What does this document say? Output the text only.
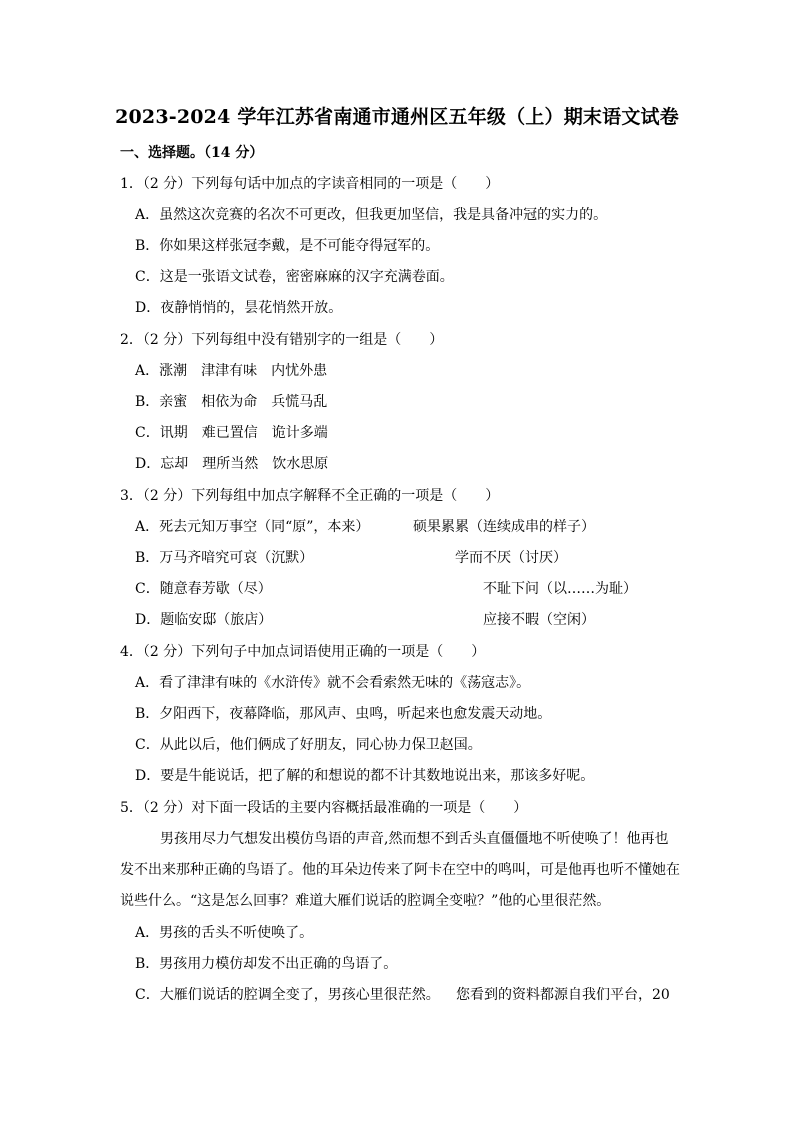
2023-2024 学年江苏省南通市通州区五年级（上）期末语文试卷
一、选择题。（14 分）
1．（2 分）下列每句话中加点的字读音相同的一项是（　　）
A．虽然这次竞赛的名次不可更改，但我更加坚信，我是具备冲冠的实力的。
B．你如果这样张冠李戴，是不可能夺得冠军的。
C．这是一张语文试卷，密密麻麻的汉字充满卷面。
D．夜静悄悄的，昙花悄然开放。
2．（2 分）下列每组中没有错别字的一组是（　　）
A．涨潮　津津有味　内忧外患
B．亲蜜　相依为命　兵慌马乱
C．讯期　难已置信　诡计多端
D．忘却　理所当然　饮水思原
3．（2 分）下列每组中加点字解释不全正确的一项是（　　）
A．死去元知万事空（同“原”，本来）	硕果累累（连续成串的样子）
B．万马齐喑究可哀（沉默）	学而不厌（讨厌）
C．随意春芳歇（尽）	不耻下问（以……为耻）
D．题临安邸（旅店）	应接不暇（空闲）
4．（2 分）下列句子中加点词语使用正确的一项是（　　）
A．看了津津有味的《水浒传》就不会看索然无味的《荡寇志》。
B．夕阳西下，夜幕降临，那风声、虫鸣，听起来也愈发震天动地。
C．从此以后，他们俩成了好朋友，同心协力保卫赵国。
D．要是牛能说话，把了解的和想说的都不计其数地说出来，那该多好呢。
5．（2 分）对下面一段话的主要内容概括最准确的一项是（　　）
男孩用尽力气想发出模仿鸟语的声音,然而想不到舌头直僵僵地不听使唤了！他再也
发不出来那种正确的鸟语了。他的耳朵边传来了阿卡在空中的鸣叫，可是他再也听不懂她在
说些什么。“这是怎么回事？难道大雁们说话的腔调全变啦？”他的心里很茫然。
A．男孩的舌头不听使唤了。
B．男孩用力模仿却发不出正确的鸟语了。
C．大雁们说话的腔调全变了，男孩心里很茫然。 您看到的资料都源自我们平台，20
